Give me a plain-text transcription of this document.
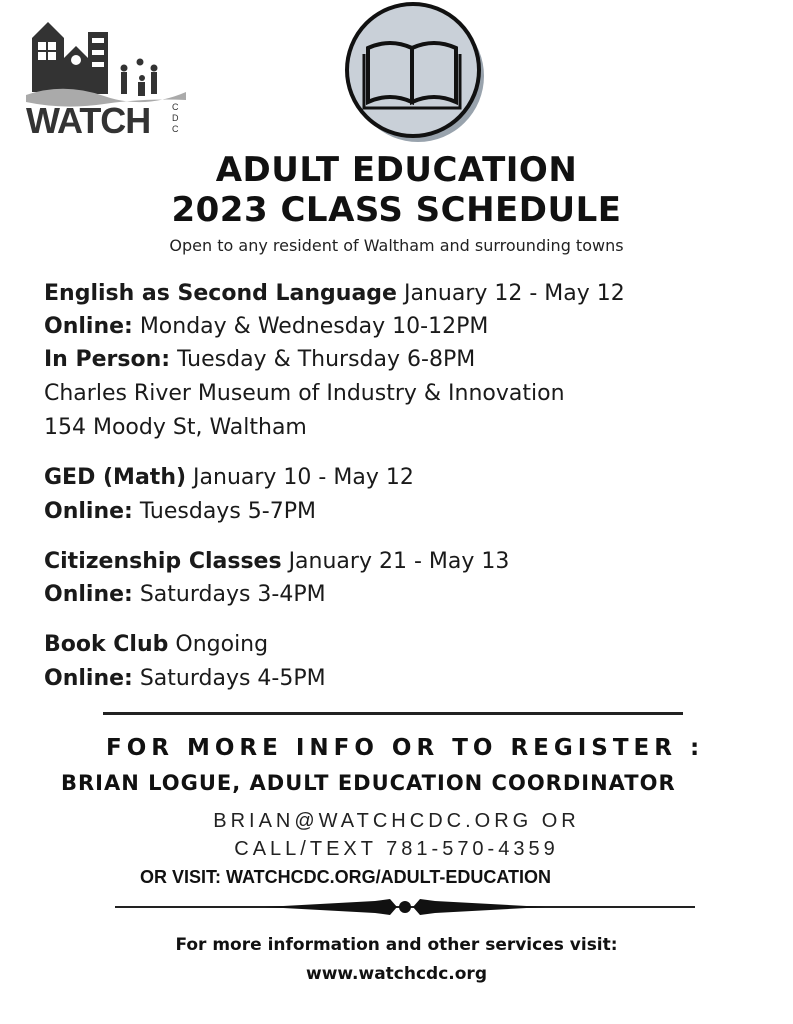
WATCH C
D
C
ADULT EDUCATION
2023 CLASS SCHEDULE
Open to any resident of Waltham and surrounding towns
English as Second Language January 12 - May 12
Online: Monday & Wednesday 10-12PM
In Person: Tuesday & Thursday 6-8PM
Charles River Museum of Industry & Innovation
154 Moody St, Waltham
GED (Math) January 10 - May 12
Online: Tuesdays 5-7PM
Citizenship Classes January 21 - May 13
Online: Saturdays 3-4PM
Book Club Ongoing
Online: Saturdays 4-5PM
FOR MORE INFO OR TO REGISTER :
BRIAN LOGUE, ADULT EDUCATION COORDINATOR
BRIAN@WATCHCDC.ORG OR
CALL/TEXT 781-570-4359
OR VISIT: WATCHCDC.ORG/ADULT-EDUCATION
For more information and other services visit:
www.watchcdc.org
